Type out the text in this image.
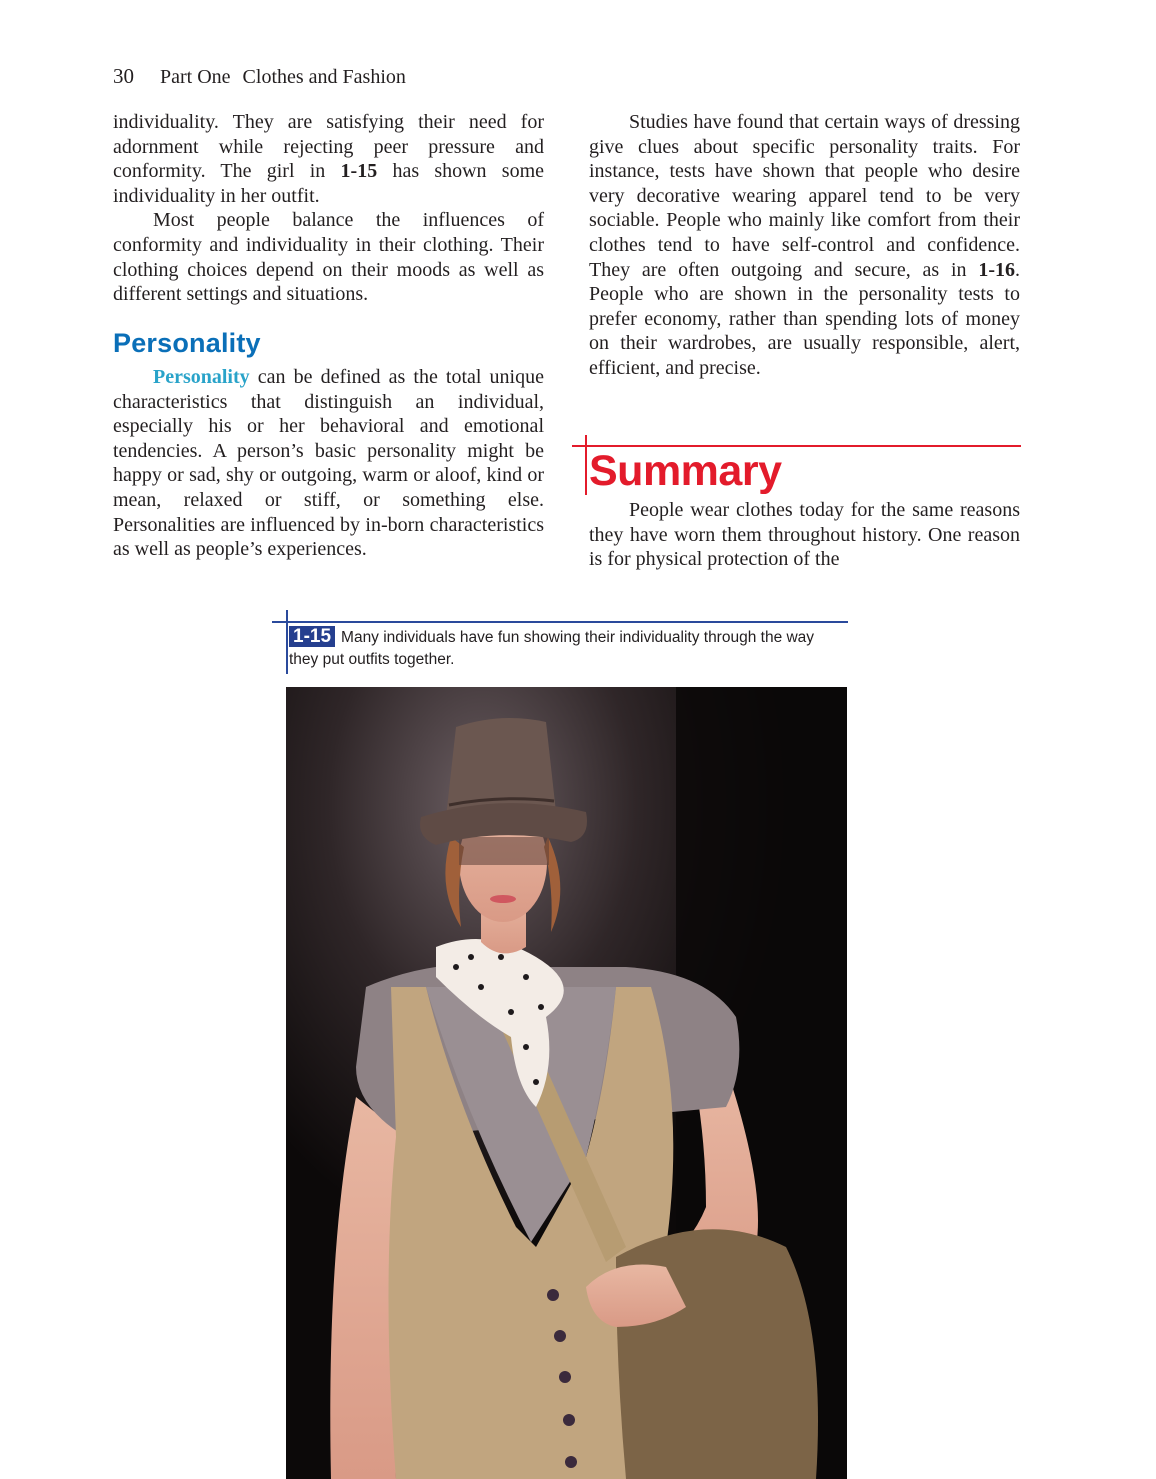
30 Part One Clothes and Fashion

individuality. They are satisfying their need for adornment while rejecting peer pressure and conformity. The girl in 1-15 has shown some individuality in her outfit.

Most people balance the influences of conformity and individuality in their clothing. Their clothing choices depend on their moods as well as different settings and situations.

Personality

Personality can be defined as the total unique characteristics that distinguish an individual, especially his or her behavioral and emotional tendencies. A person’s basic personality might be happy or sad, shy or outgoing, warm or aloof, kind or mean, relaxed or stiff, or something else. Personalities are influenced by in-born characteristics as well as people’s experiences.

Studies have found that certain ways of dressing give clues about specific personality traits. For instance, tests have shown that people who desire very decorative wearing apparel tend to be very sociable. People who mainly like comfort from their clothes tend to have self-control and confidence. They are often outgoing and secure, as in 1-16. People who are shown in the personality tests to prefer economy, rather than spending lots of money on their wardrobes, are usually responsible, alert, efficient, and precise.

Summary

People wear clothes today for the same reasons they have worn them throughout history. One reason is for physical protection of the

1-15 Many individuals have fun showing their individuality through the way they put outfits together.
